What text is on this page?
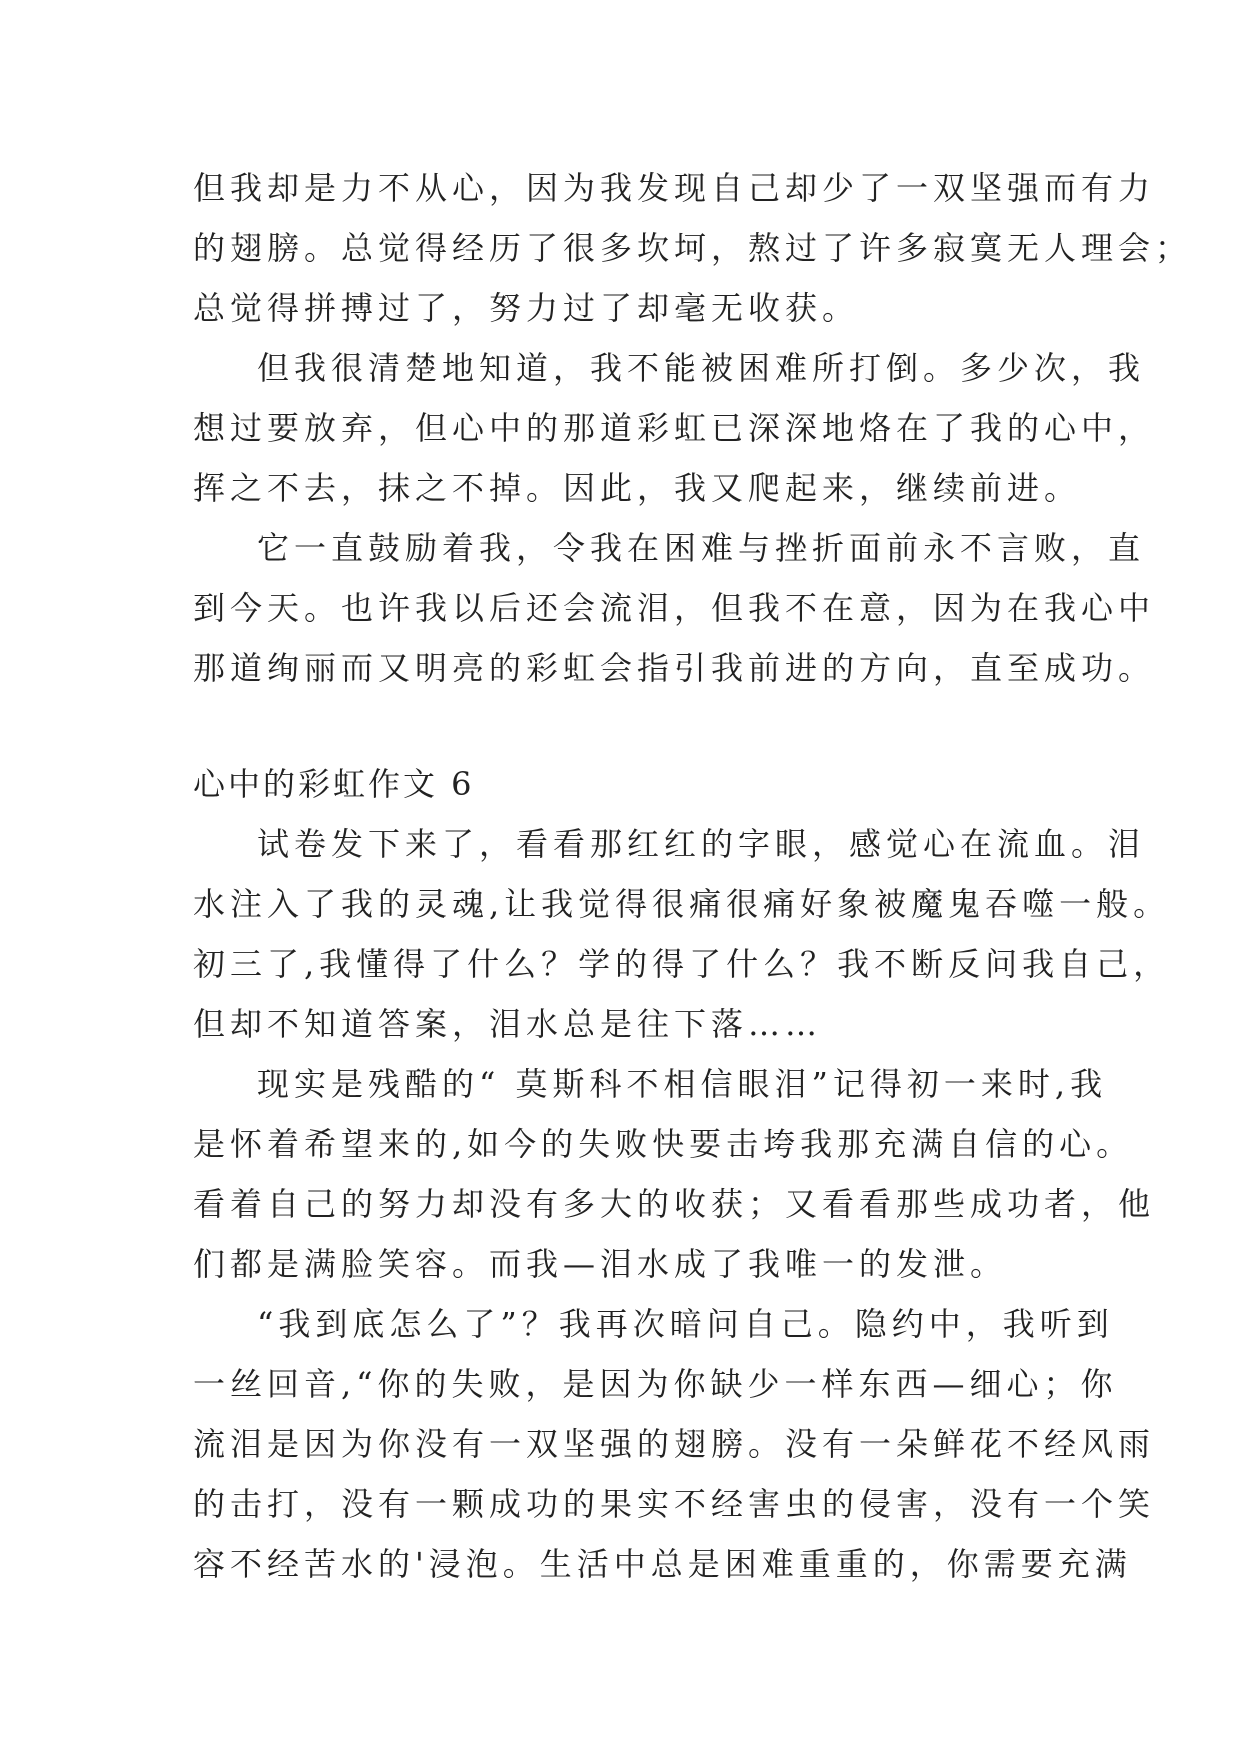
但我却是力不从心，因为我发现自己却少了一双坚强而有力
的翅膀。总觉得经历了很多坎坷，熬过了许多寂寞无人理会；
总觉得拼搏过了，努力过了却毫无收获。
但我很清楚地知道，我不能被困难所打倒。多少次，我
想过要放弃，但心中的那道彩虹已深深地烙在了我的心中，
挥之不去，抹之不掉。因此，我又爬起来，继续前进。
它一直鼓励着我，令我在困难与挫折面前永不言败，直
到今天。也许我以后还会流泪，但我不在意，因为在我心中
那道绚丽而又明亮的彩虹会指引我前进的方向，直至成功。
心中的彩虹作文 6
试卷发下来了，看看那红红的字眼，感觉心在流血。泪
水注入了我的灵魂,让我觉得很痛很痛好象被魔鬼吞噬一般。
初三了,我懂得了什么？学的得了什么？我不断反问我自己，
但却不知道答案，泪水总是往下落……
现实是残酷的“ 莫斯科不相信眼泪”记得初一来时,我
是怀着希望来的,如今的失败快要击垮我那充满自信的心。
看着自己的努力却没有多大的收获；又看看那些成功者，他
们都是满脸笑容。而我—泪水成了我唯一的发泄。
“我到底怎么了”？我再次暗问自己。隐约中，我听到
一丝回音,“你的失败，是因为你缺少一样东西—细心；你
流泪是因为你没有一双坚强的翅膀。没有一朵鲜花不经风雨
的击打，没有一颗成功的果实不经害虫的侵害，没有一个笑
容不经苦水的'浸泡。生活中总是困难重重的，你需要充满
